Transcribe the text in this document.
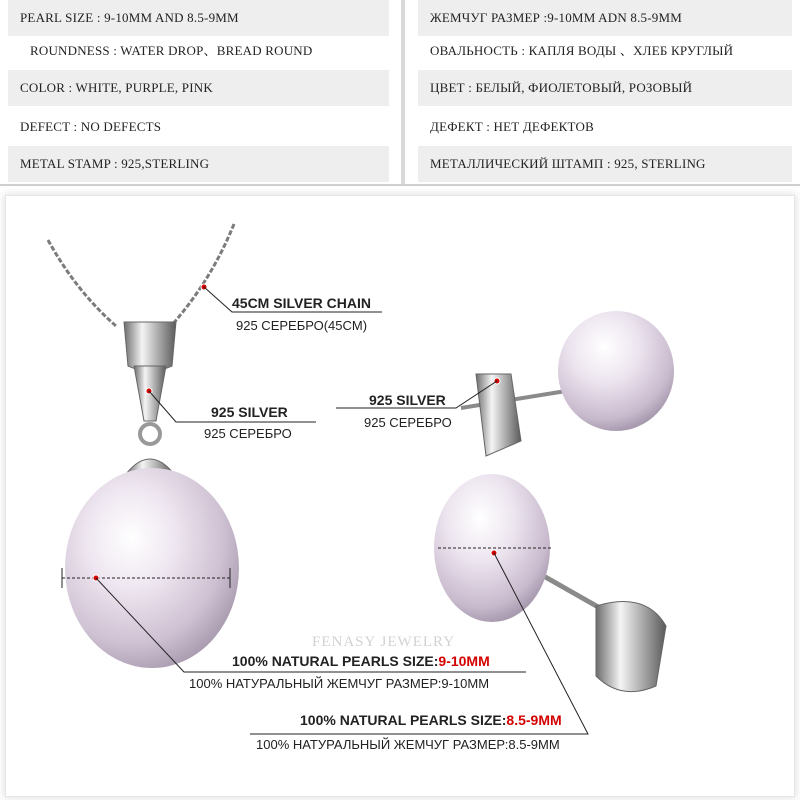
PEARL SIZE : 9-10MM AND 8.5-9MM
ROUNDNESS : WATER DROP、BREAD ROUND
COLOR : WHITE, PURPLE, PINK
DEFECT : NO DEFECTS
METAL STAMP : 925,STERLING
ЖЕМЧУГ РАЗМЕР :9-10MM ADN 8.5-9MM
ОВАЛЬНОСТЬ : КАПЛЯ ВОДЫ 、ХЛЕБ КРУГЛЫЙ
ЦВЕТ : БЕЛЫЙ, ФИОЛЕТОВЫЙ, РОЗОВЫЙ
ДЕФЕКТ : НЕТ ДЕФЕКТОВ
МЕТАЛЛИЧЕСКИЙ ШТАМП : 925, STERLING
FENASY JEWELRY
45CM SILVER CHAIN
925 СЕРЕБРО(45CM)
925 SILVER
925 СЕРЕБРО
925 SILVER
925 СЕРЕБРО
100% NATURAL PEARLS SIZE:9-10MM
100% НАТУРАЛЬНЫЙ ЖЕМЧУГ РАЗМЕР:9-10MM
100% NATURAL PEARLS SIZE:8.5-9MM
100% НАТУРАЛЬНЫЙ ЖЕМЧУГ РАЗМЕР:8.5-9MM
